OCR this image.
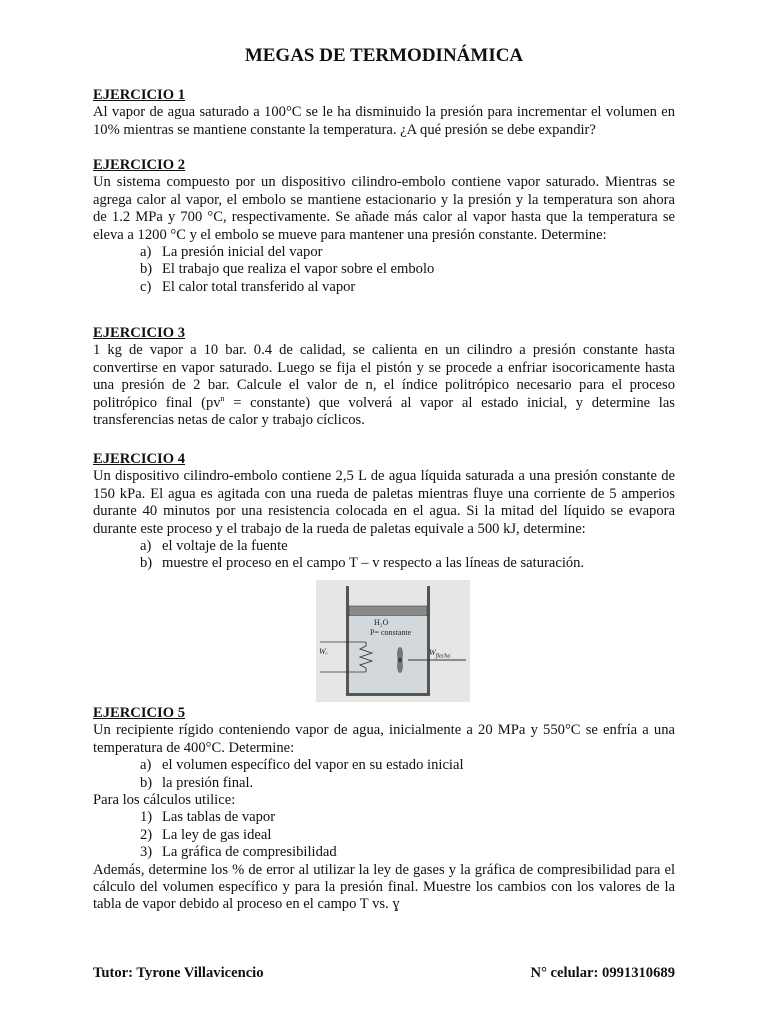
MEGAS DE TERMODINÁMICA
EJERCICIO 1

Al vapor de agua saturado a 100°C se le ha disminuido la presión para incrementar el volumen en 10% mientras se mantiene constante la temperatura. ¿A qué presión se debe expandir?

EJERCICIO 2

Un sistema compuesto por un dispositivo cilindro-embolo contiene vapor saturado. Mientras se agrega calor al vapor, el embolo se mantiene estacionario y la presión y la temperatura son ahora de 1.2 MPa y 700 °C, respectivamente. Se añade más calor al vapor hasta que la temperatura se eleva a 1200 °C y el embolo se mueve para mantener una presión constante. Determine:

a) La presión inicial del vapor
b) El trabajo que realiza el vapor sobre el embolo
c) El calor total transferido al vapor
EJERCICIO 3

1 kg de vapor a 10 bar. 0.4 de calidad, se calienta en un cilindro a presión constante hasta convertirse en vapor saturado. Luego se fija el pistón y se procede a enfriar isocoricamente hasta una presión de 2 bar. Calcule el valor de n, el índice politrópico necesario para el proceso politrópico final ($pv^n$ = constante) que volverá al vapor al estado inicial, y determine las transferencias netas de calor y trabajo cíclicos.

EJERCICIO 4

Un dispositivo cilindro-embolo contiene 2,5 L de agua líquida saturada a una presión constante de 150 kPa. El agua es agitada con una rueda de paletas mientras fluye una corriente de 5 amperios durante 40 minutos por una resistencia colocada en el agua. Si la mitad del líquido se evapora durante este proceso y el trabajo de la rueda de paletas equivale a 500 kJ, determine:

a) el voltaje de la fuente
b) muestre el proceso en el campo T – v respecto a las líneas de saturación.
H₂O
P= constante
Wₑ	$W_{flecha}$
EJERCICIO 5

Un recipiente rígido conteniendo vapor de agua, inicialmente a 20 MPa y 550°C se enfría a una temperatura de 400°C. Determine:

a) el volumen específico del vapor en su estado inicial
b) la presión final.

Para los cálculos utilice:

1) Las tablas de vapor
2) La ley de gas ideal
3) La gráfica de compresibilidad

Además, determine los % de error al utilizar la ley de gases y la gráfica de compresibilidad para el cálculo del volumen específico y para la presión final. Muestre los cambios con los valores de la tabla de vapor debido al proceso en el campo T vs. ɣ

Tutor: Tyrone Villavicencio	N° celular: 0991310689
